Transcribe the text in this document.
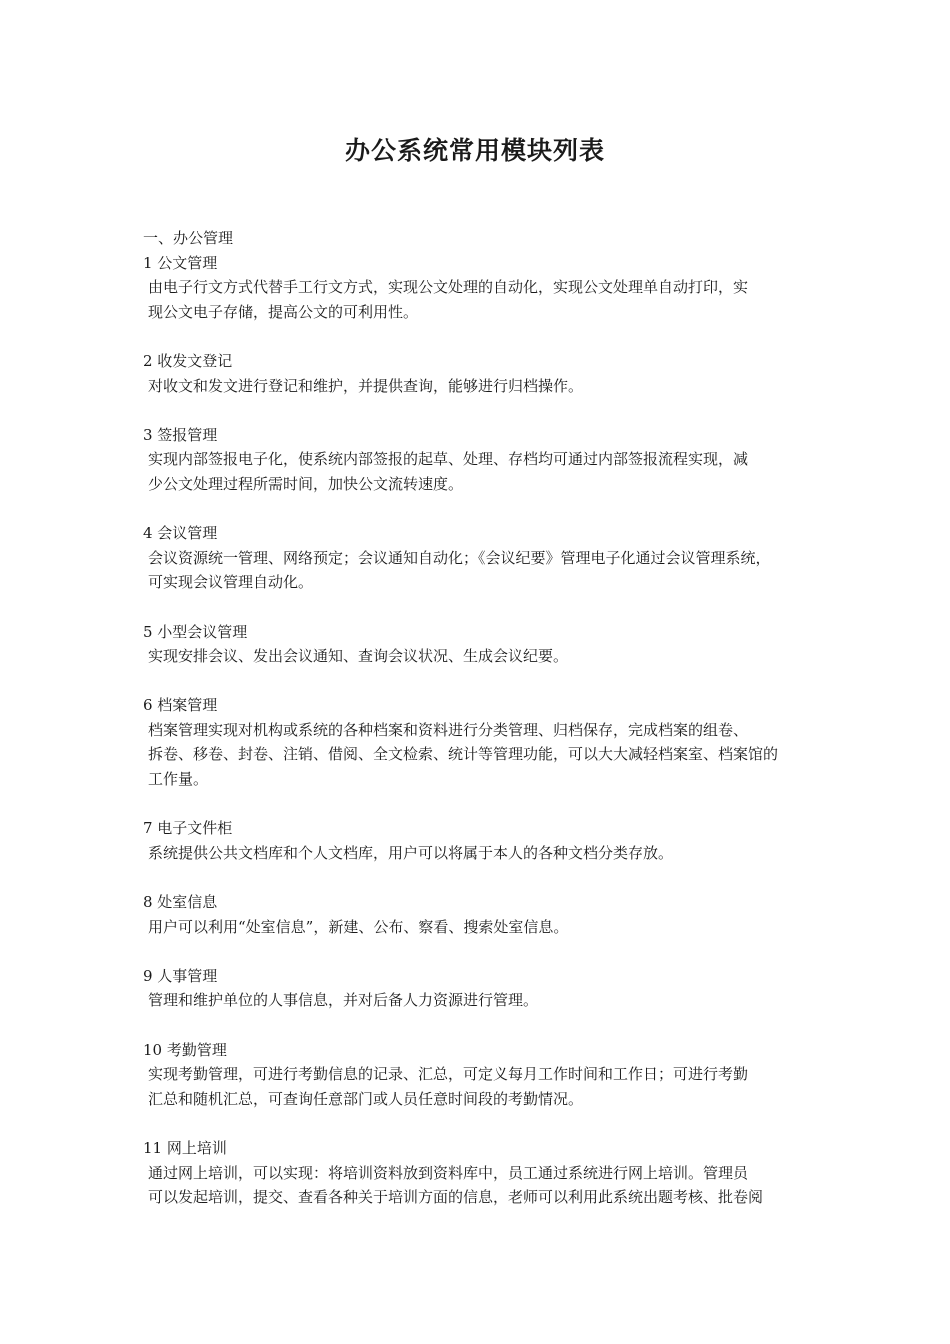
办公系统常用模块列表
一、办公管理
1 公文管理
由电子行文方式代替手工行文方式，实现公文处理的自动化，实现公文处理单自动打印，实
现公文电子存储，提高公文的可利用性。
2 收发文登记
对收文和发文进行登记和维护，并提供查询，能够进行归档操作。
3 签报管理
实现内部签报电子化，使系统内部签报的起草、处理、存档均可通过内部签报流程实现，减
少公文处理过程所需时间，加快公文流转速度。
4 会议管理
会议资源统一管理、网络预定；会议通知自动化；《会议纪要》管理电子化通过会议管理系统，
可实现会议管理自动化。
5 小型会议管理
实现安排会议、发出会议通知、查询会议状况、生成会议纪要。
6 档案管理
档案管理实现对机构或系统的各种档案和资料进行分类管理、归档保存，完成档案的组卷、
拆卷、移卷、封卷、注销、借阅、全文检索、统计等管理功能，可以大大减轻档案室、档案馆的
工作量。
7 电子文件柜
系统提供公共文档库和个人文档库，用户可以将属于本人的各种文档分类存放。
8 处室信息
用户可以利用“处室信息”，新建、公布、察看、搜索处室信息。
9 人事管理
管理和维护单位的人事信息，并对后备人力资源进行管理。
10 考勤管理
实现考勤管理，可进行考勤信息的记录、汇总，可定义每月工作时间和工作日；可进行考勤
汇总和随机汇总，可查询任意部门或人员任意时间段的考勤情况。
11 网上培训
通过网上培训，可以实现：将培训资料放到资料库中，员工通过系统进行网上培训。管理员
可以发起培训，提交、查看各种关于培训方面的信息，老师可以利用此系统出题考核、批卷阅
